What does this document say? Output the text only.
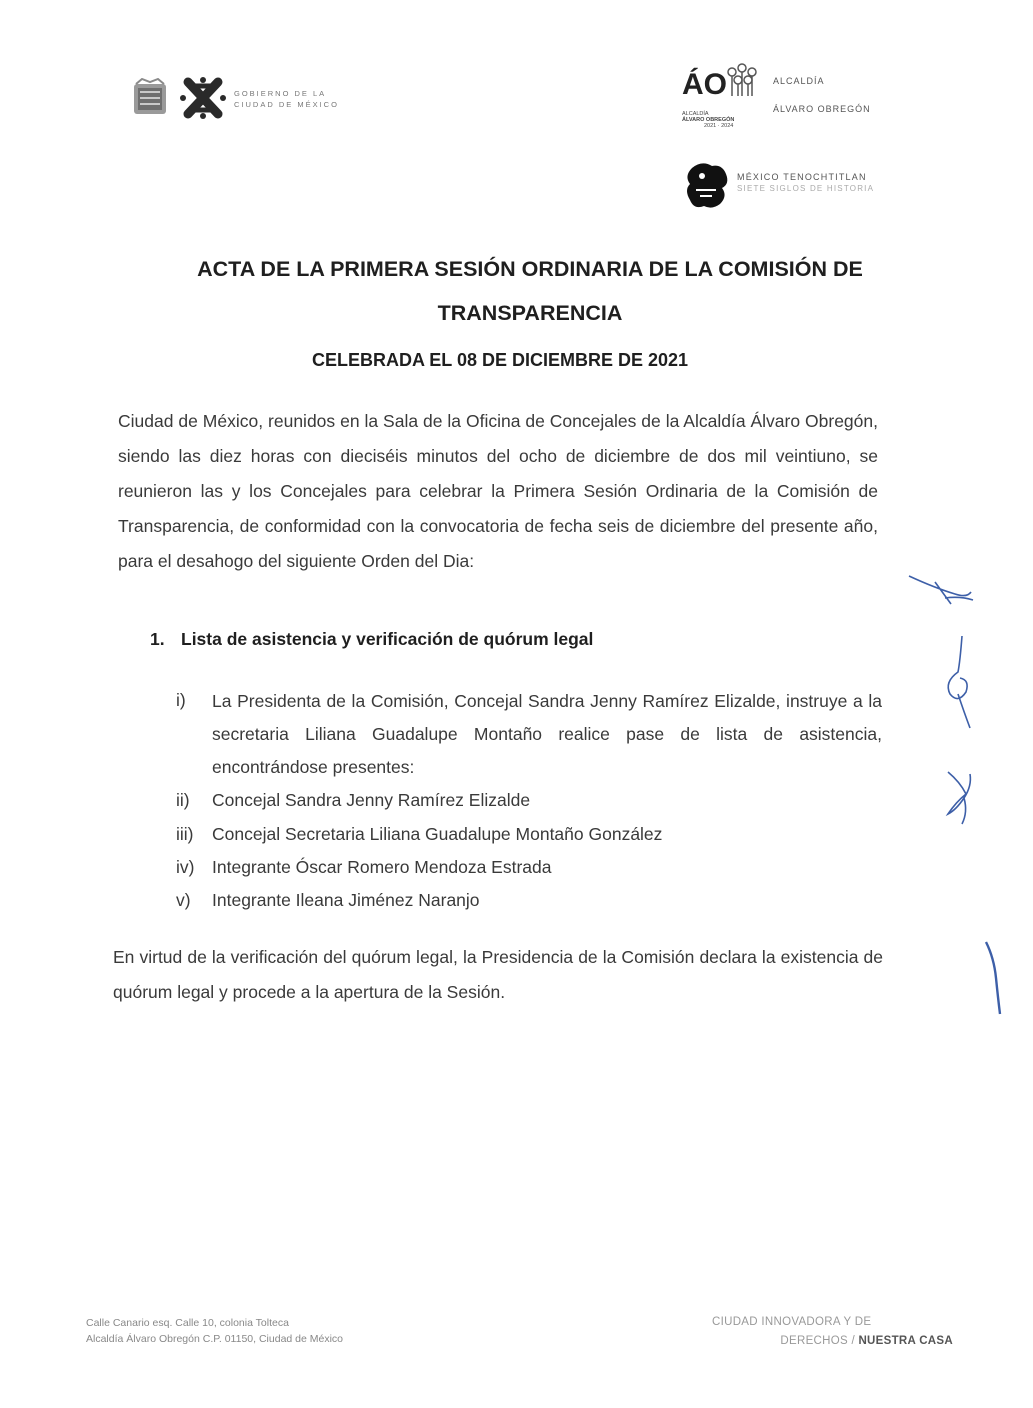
GOBIERNO DE LA
CIUDAD DE MÉXICO
ÁO
ALCALDÍA
ÁLVARO OBREGÓN
2021 · 2024
ALCALDÍA
ÁLVARO OBREGÓN
MÉXICO TENOCHTITLAN
SIETE SIGLOS DE HISTORIA
ACTA DE LA PRIMERA SESIÓN ORDINARIA DE LA COMISIÓN DE
TRANSPARENCIA
CELEBRADA EL 08 DE DICIEMBRE DE 2021
Ciudad de México, reunidos en la Sala de la Oficina de Concejales de la Alcaldía Álvaro Obregón, siendo las diez horas con dieciséis minutos del ocho de diciembre de dos mil veintiuno, se reunieron las y los Concejales para celebrar la Primera Sesión Ordinaria de la Comisión de Transparencia, de conformidad con la convocatoria de fecha seis de diciembre del presente año, para el desahogo del siguiente Orden del Dia:
1. Lista de asistencia y verificación de quórum legal
i)	La Presidenta de la Comisión, Concejal Sandra Jenny Ramírez Elizalde, instruye a la secretaria Liliana Guadalupe Montaño realice pase de lista de asistencia, encontrándose presentes:
ii)	Concejal Sandra Jenny Ramírez Elizalde
iii)	Concejal Secretaria Liliana Guadalupe Montaño González
iv)	Integrante Óscar Romero Mendoza Estrada
v)	Integrante Ileana Jiménez Naranjo
En virtud de la verificación del quórum legal, la Presidencia de la Comisión declara la existencia de quórum legal y procede a la apertura de la Sesión.
Calle Canario esq. Calle 10, colonia Tolteca
Alcaldía Álvaro Obregón C.P. 01150, Ciudad de México
CIUDAD INNOVADORA Y DE
DERECHOS / NUESTRA CASA
